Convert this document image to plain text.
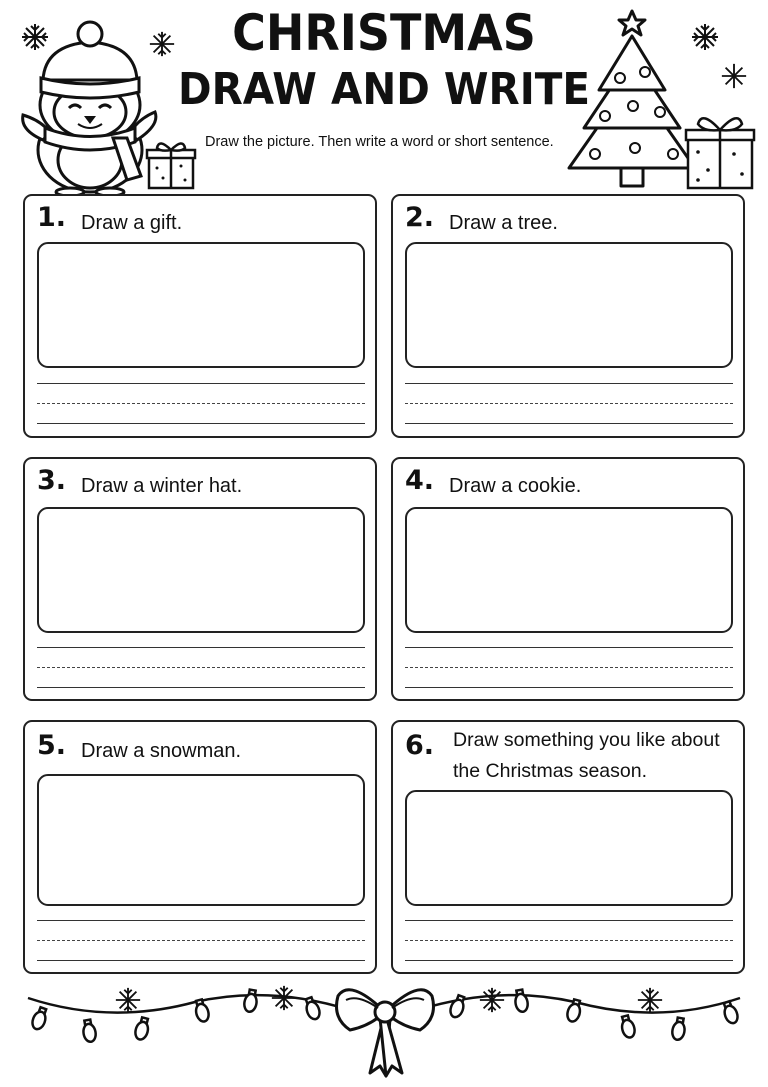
CHRISTMAS
DRAW AND WRITE
Draw the picture. Then write a word or short sentence.
1. Draw a gift.	2. Draw a tree.
3. Draw a winter hat.	4. Draw a cookie.
5. Draw a snowman.	6. Draw something you like about the Christmas season.
